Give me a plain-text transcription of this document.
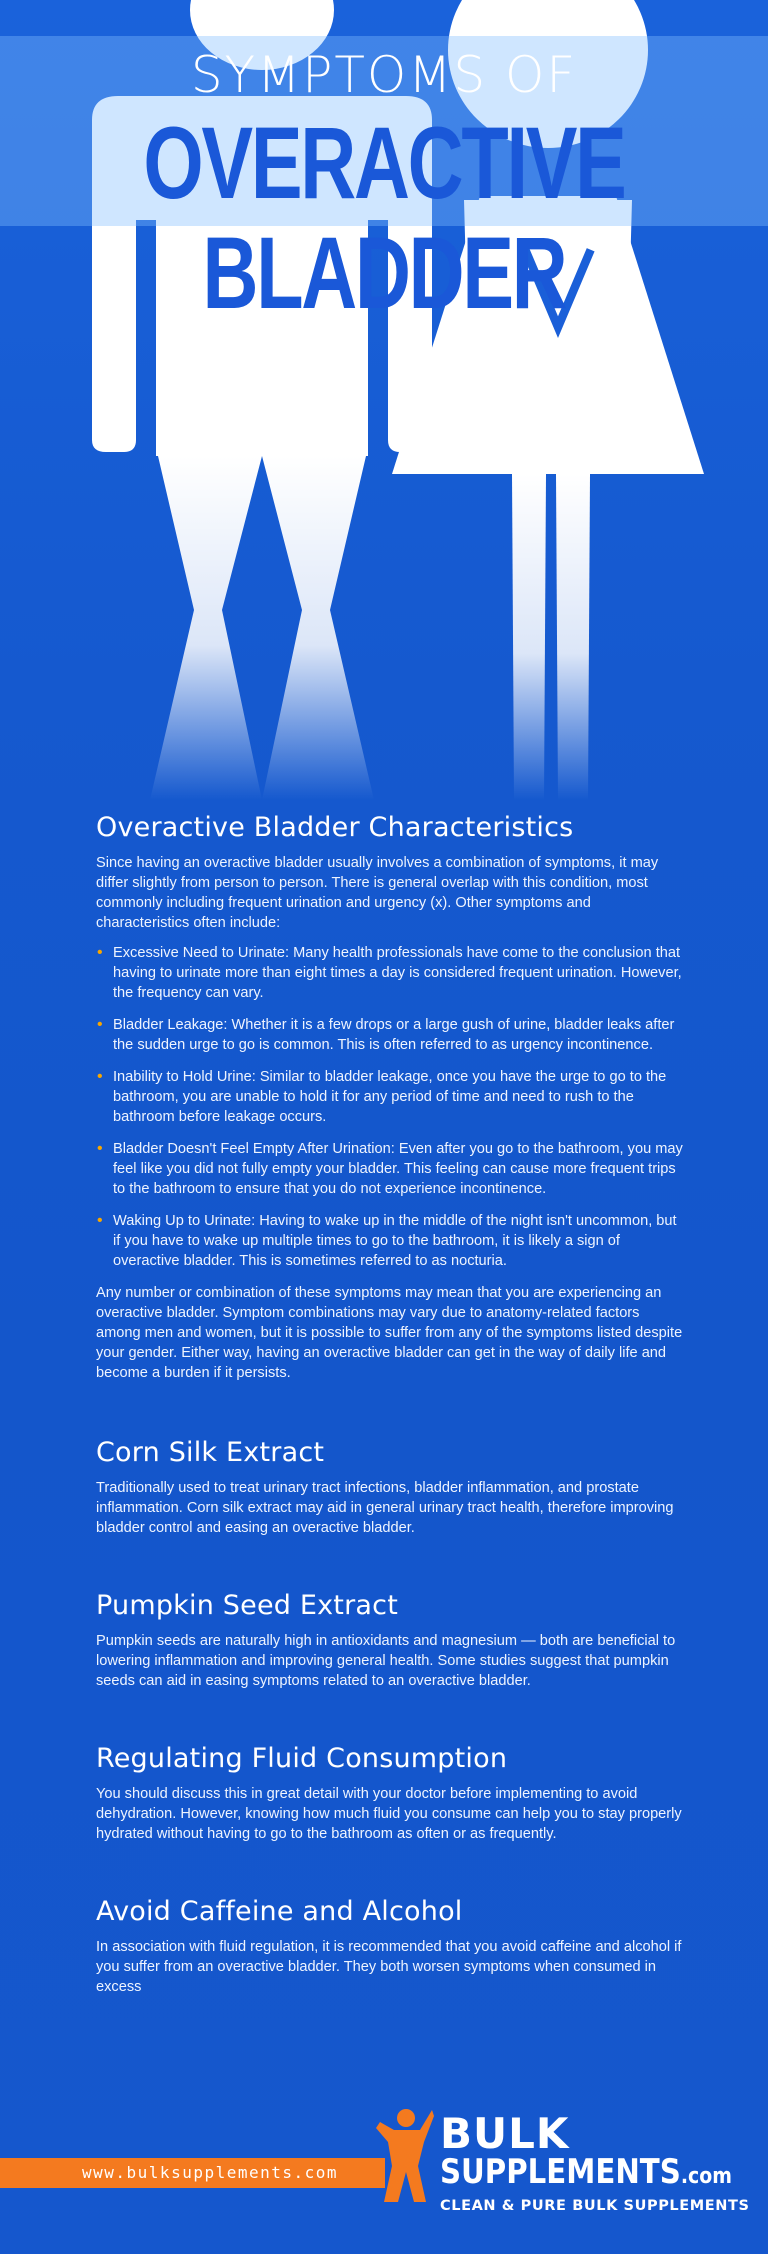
SYMPTOMS OF
OVERACTIVE BLADDER
Overactive Bladder Characteristics

Since having an overactive bladder usually involves a combination of symptoms, it may differ slightly from person to person. There is general overlap with this condition, most commonly including frequent urination and urgency (x). Other symptoms and characteristics often include:

• Excessive Need to Urinate: Many health professionals have come to the conclusion that having to urinate more than eight times a day is considered frequent urination. However, the frequency can vary.
• Bladder Leakage: Whether it is a few drops or a large gush of urine, bladder leaks after the sudden urge to go is common. This is often referred to as urgency incontinence.
• Inability to Hold Urine: Similar to bladder leakage, once you have the urge to go to the bathroom, you are unable to hold it for any period of time and need to rush to the bathroom before leakage occurs.
• Bladder Doesn't Feel Empty After Urination: Even after you go to the bathroom, you may feel like you did not fully empty your bladder. This feeling can cause more frequent trips to the bathroom to ensure that you do not experience incontinence.
• Waking Up to Urinate: Having to wake up in the middle of the night isn't uncommon, but if you have to wake up multiple times to go to the bathroom, it is likely a sign of overactive bladder. This is sometimes referred to as nocturia.

Any number or combination of these symptoms may mean that you are experiencing an overactive bladder. Symptom combinations may vary due to anatomy-related factors among men and women, but it is possible to suffer from any of the symptoms listed despite your gender. Either way, having an overactive bladder can get in the way of daily life and become a burden if it persists.

Corn Silk Extract

Traditionally used to treat urinary tract infections, bladder inflammation, and prostate inflammation. Corn silk extract may aid in general urinary tract health, therefore improving bladder control and easing an overactive bladder.

Pumpkin Seed Extract

Pumpkin seeds are naturally high in antioxidants and magnesium — both are beneficial to lowering inflammation and improving general health. Some studies suggest that pumpkin seeds can aid in easing symptoms related to an overactive bladder.

Regulating Fluid Consumption

You should discuss this in great detail with your doctor before implementing to avoid dehydration. However, knowing how much fluid you consume can help you to stay properly hydrated without having to go to the bathroom as often or as frequently.

Avoid Caffeine and Alcohol

In association with fluid regulation, it is recommended that you avoid caffeine and alcohol if you suffer from an overactive bladder. They both worsen symptoms when consumed in excess

www.bulksupplements.com
BULK
SUPPLEMENTS.com
CLEAN & PURE BULK SUPPLEMENTS
